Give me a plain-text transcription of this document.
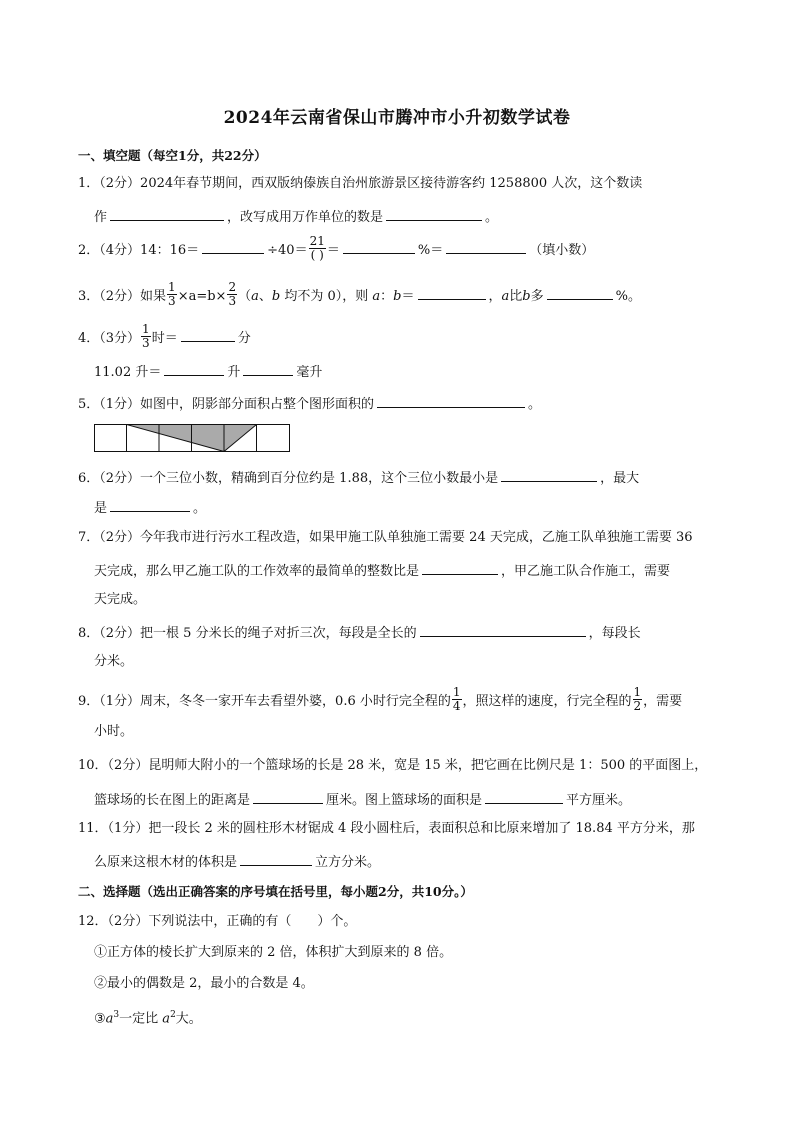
2024年云南省保山市腾冲市小升初数学试卷
一、填空题（每空1分，共22分）
1．（2分）2024年春节期间，西双版纳傣族自治州旅游景区接待游客约 1258800 人次，这个数读
作	，改写成用万作单位的数是	。
2．（4分）14：16＝	$\div 40= \frac{21}{( )}$ ＝	%＝	（填小数）
3．（2分）如果 $\frac{1}{3} \times a=b\times \frac{2}{3} (a$、b 均不为 0），则 a：b＝	，a比b多	%。
4．（3分） $\frac{1}{3}$ 时＝	分
11.02 升＝	升	毫升
5．（1分）如图中，阴影部分面积占整个图形面积的	。
6．（2分）一个三位小数，精确到百分位约是 1.88，这个三位小数最小是	，最大
是	。
7．（2分）今年我市进行污水工程改造，如果甲施工队单独施工需要 24 天完成，乙施工队单独施工需要 36
天完成，那么甲乙施工队的工作效率的最简单的整数比是	，甲乙施工队合作施工，需要
天完成。
8．（2分）把一根 5 分米长的绳子对折三次，每段是全长的	，每段长
分米。
9．（1分）周末，冬冬一家开车去看望外婆，0.6 小时行完全程的 $\frac{1}{4}$ ，照这样的速度，行完全程的 $\frac{1}{2}$ ，需要
小时。
10．（2分）昆明师大附小的一个篮球场的长是 28 米，宽是 15 米，把它画在比例尺是 1：500 的平面图上，
篮球场的长在图上的距离是	厘米。图上篮球场的面积是	平方厘米。
11．（1分）把一段长 2 米的圆柱形木材锯成 4 段小圆柱后，表面积总和比原来增加了 18.84 平方分米，那
么原来这根木材的体积是	立方分米。
二、选择题（选出正确答案的序号填在括号里，每小题2分，共10分。）
12．（2分）下列说法中，正确的有（　　）个。
①正方体的棱长扩大到原来的 2 倍，体积扩大到原来的 8 倍。
②最小的偶数是 2，最小的合数是 4。
$③a^3$一定比 $a^2$大。
